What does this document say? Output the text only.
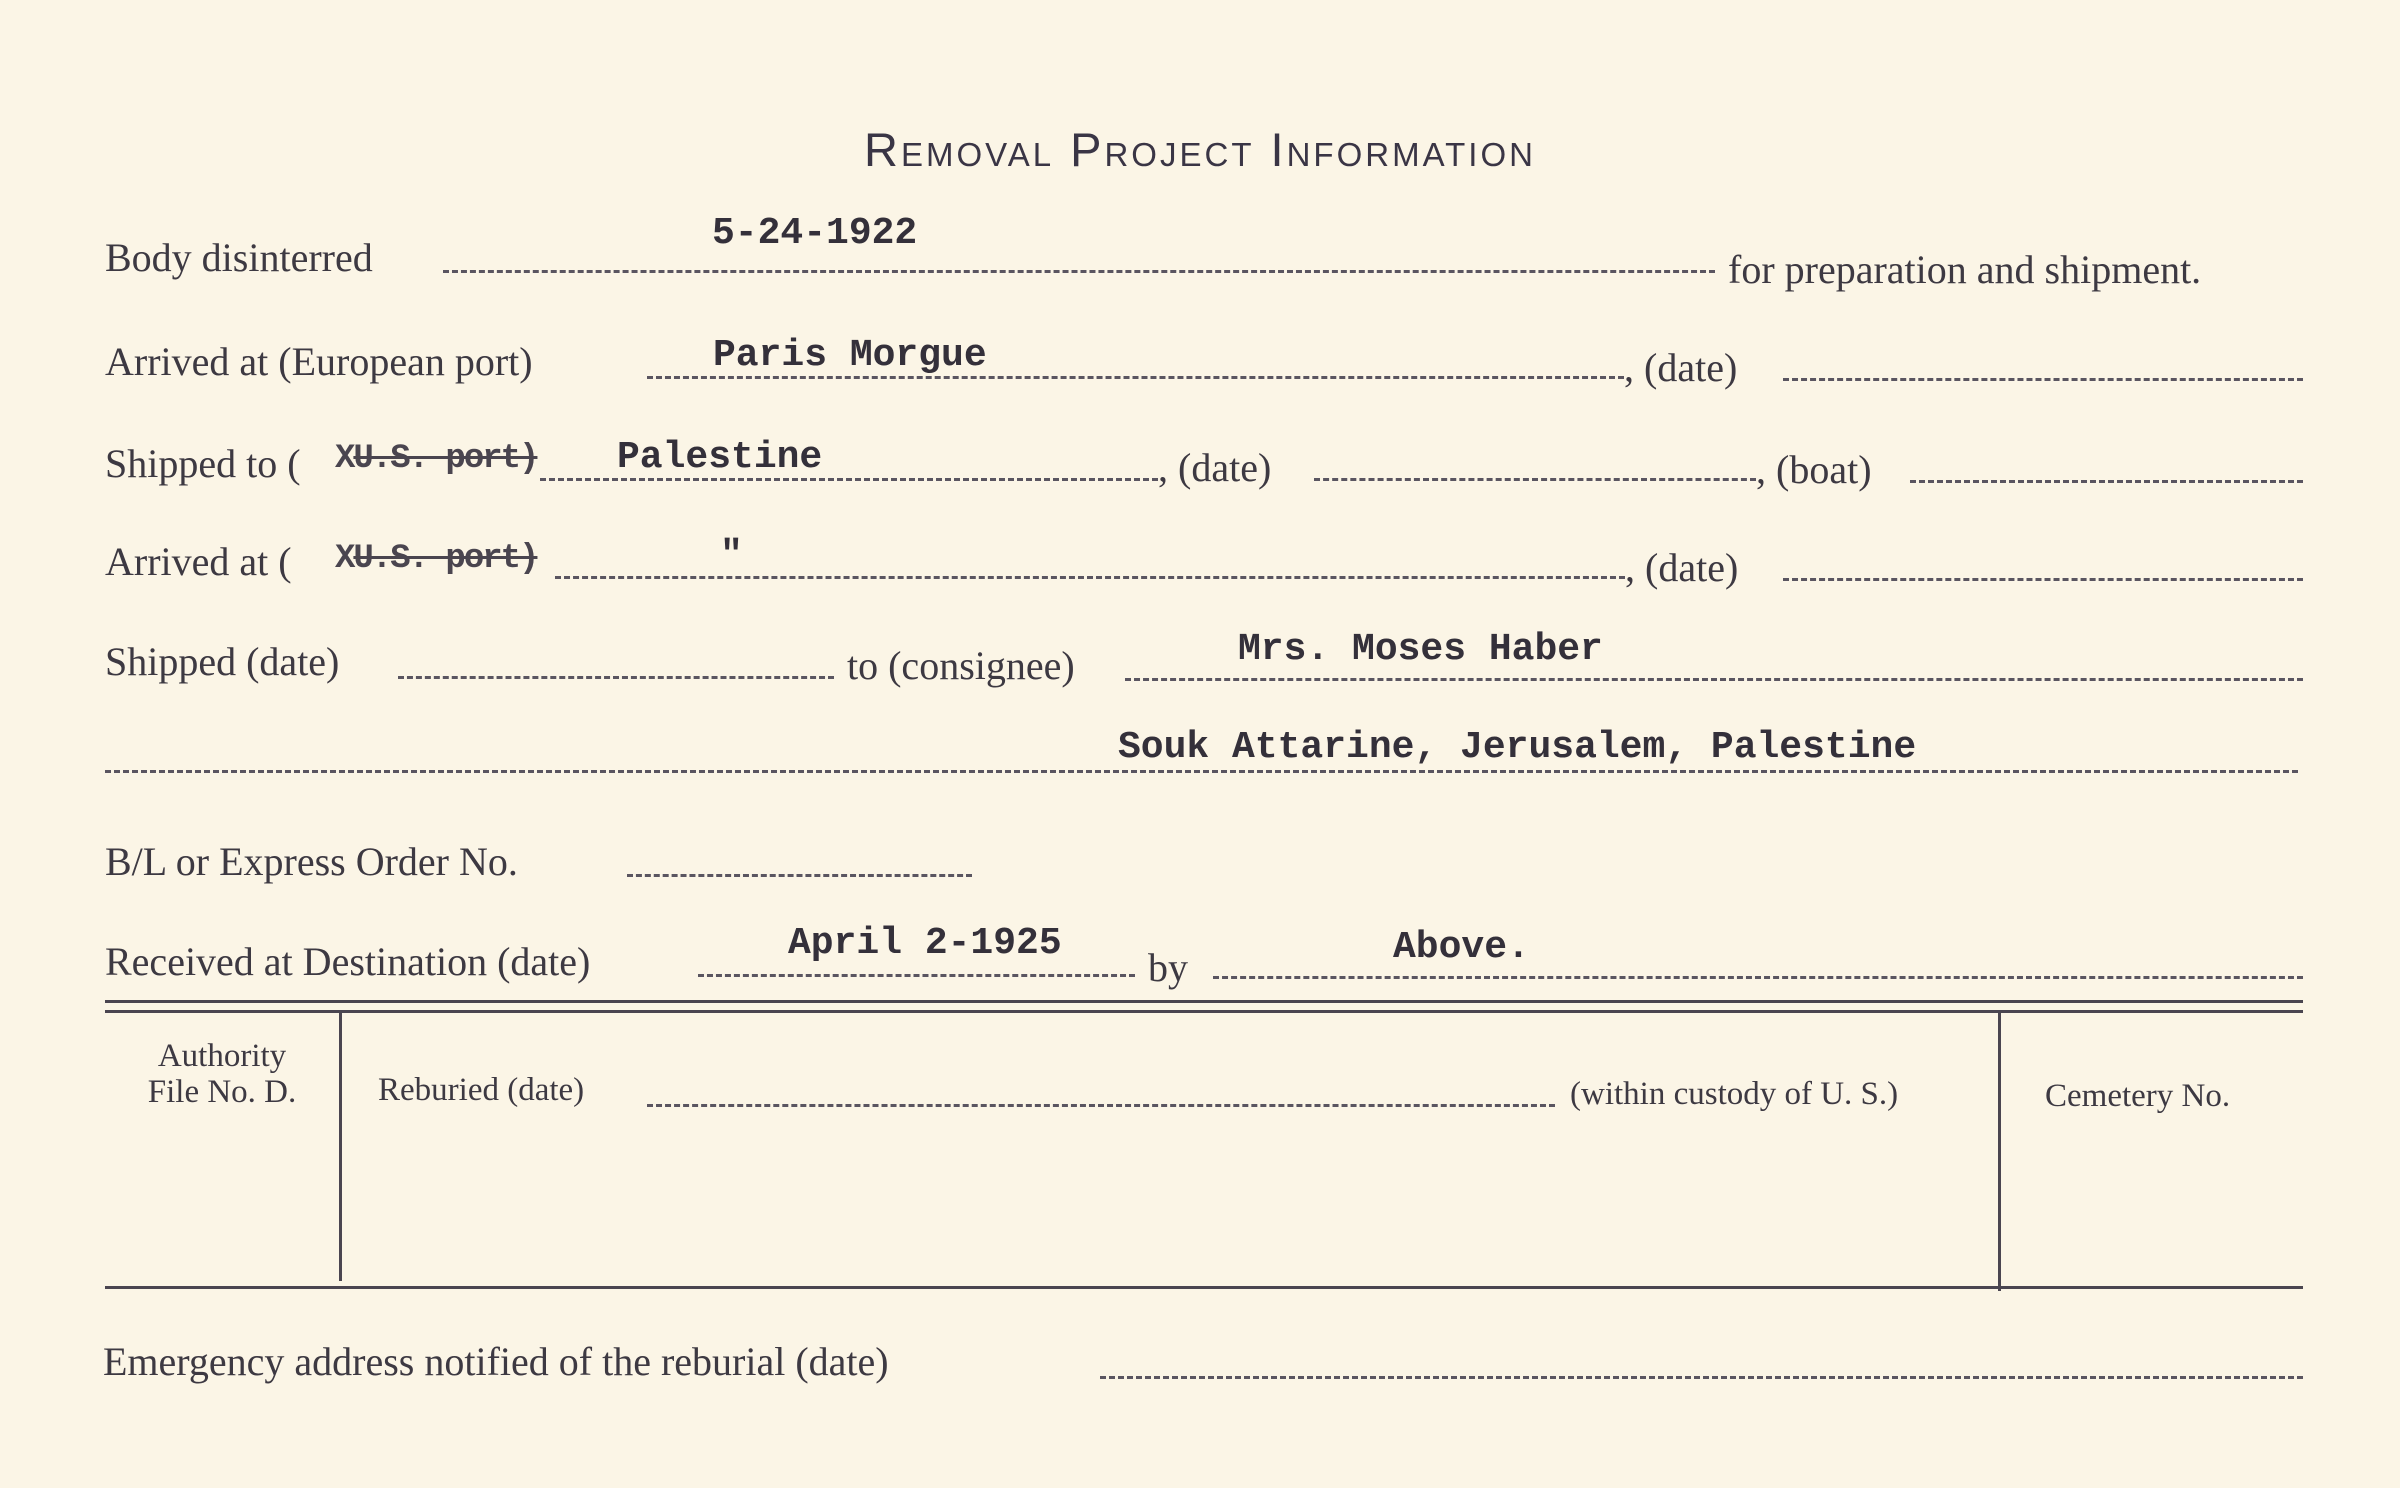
Removal Project Information
Body disinterred
5-24-1922
for preparation and shipment.
Arrived at (European port)	Paris Morgue	, (date)
Shipped to ( XU.S. port) Palestine	, (date)	, (boat)
Arrived at ( XU.S. port)	"	, (date)
Shipped (date)	to (consignee)	Mrs. Moses Haber
Souk Attarine, Jerusalem, Palestine
B/L or Express Order No.
Received at Destination (date)	April 2-1925
by	Above.
Authority
File No. D.	Reburied (date)	(within custody of U. S.)	Cemetery No.
Emergency address notified of the reburial (date)
